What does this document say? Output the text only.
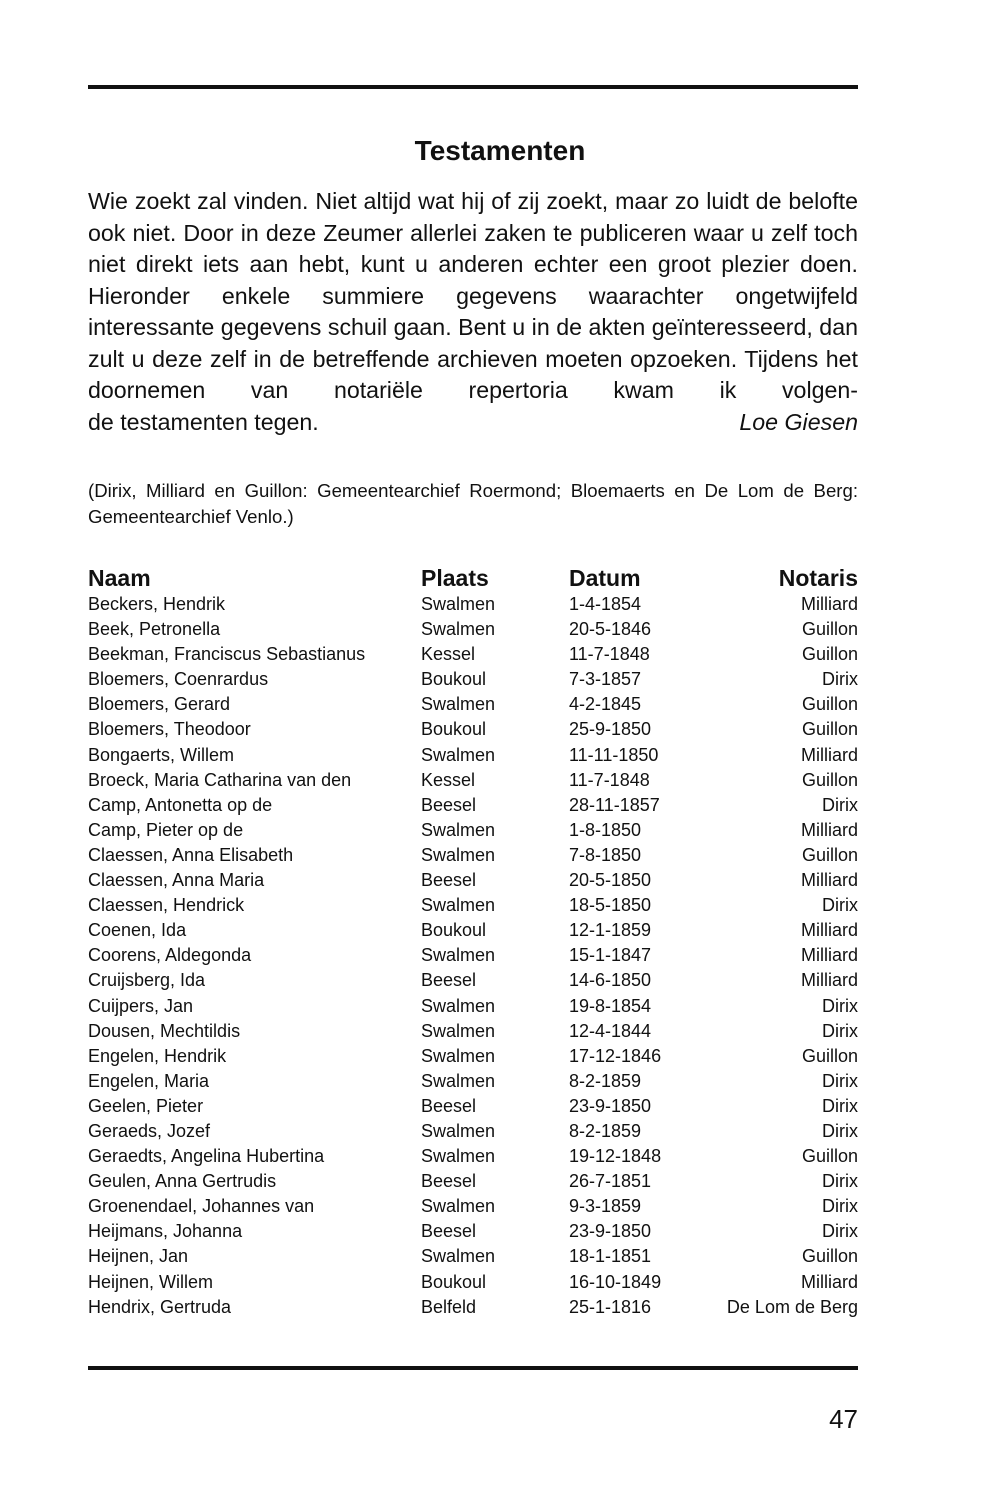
Testamenten

Wie zoekt zal vinden. Niet altijd wat hij of zij zoekt, maar zo luidt de belofte ook niet. Door in deze Zeumer allerlei zaken te publiceren waar u zelf toch niet direkt iets aan hebt, kunt u anderen echter een groot plezier doen. Hieronder enkele summiere gegevens waarachter ongetwijfeld interessante gegevens schuil gaan. Bent u in de akten geïnteresseerd, dan zult u deze zelf in de betreffende archieven moeten opzoeken. Tijdens het doornemen van notariële repertoria kwam ik volgen-

de testamenten tegen.	Loe Giesen
(Dirix, Milliard en Guillon: Gemeentearchief Roermond; Bloemaerts en De Lom de Berg: Gemeentearchief Venlo.)
Naam	Plaats	Datum	Notaris
Beckers, Hendrik	Swalmen	1-4-1854	Milliard
Beek, Petronella	Swalmen	20-5-1846	Guillon
Beekman, Franciscus Sebastianus	Kessel	11-7-1848	Guillon
Bloemers, Coenrardus	Boukoul	7-3-1857	Dirix
Bloemers, Gerard	Swalmen	4-2-1845	Guillon
Bloemers, Theodoor	Boukoul	25-9-1850	Guillon
Bongaerts, Willem	Swalmen	11-11-1850	Milliard
Broeck, Maria Catharina van den	Kessel	11-7-1848	Guillon
Camp, Antonetta op de	Beesel	28-11-1857	Dirix
Camp, Pieter op de	Swalmen	1-8-1850	Milliard
Claessen, Anna Elisabeth	Swalmen	7-8-1850	Guillon
Claessen, Anna Maria	Beesel	20-5-1850	Milliard
Claessen, Hendrick	Swalmen	18-5-1850	Dirix
Coenen, Ida	Boukoul	12-1-1859	Milliard
Coorens, Aldegonda	Swalmen	15-1-1847	Milliard
Cruijsberg, Ida	Beesel	14-6-1850	Milliard
Cuijpers, Jan	Swalmen	19-8-1854	Dirix
Dousen, Mechtildis	Swalmen	12-4-1844	Dirix
Engelen, Hendrik	Swalmen	17-12-1846	Guillon
Engelen, Maria	Swalmen	8-2-1859	Dirix
Geelen, Pieter	Beesel	23-9-1850	Dirix
Geraeds, Jozef	Swalmen	8-2-1859	Dirix
Geraedts, Angelina Hubertina	Swalmen	19-12-1848	Guillon
Geulen, Anna Gertrudis	Beesel	26-7-1851	Dirix
Groenendael, Johannes van	Swalmen	9-3-1859	Dirix
Heijmans, Johanna	Beesel	23-9-1850	Dirix
Heijnen, Jan	Swalmen	18-1-1851	Guillon
Heijnen, Willem	Boukoul	16-10-1849	Milliard
Hendrix, Gertruda	Belfeld	25-1-1816	De Lom de Berg
47
